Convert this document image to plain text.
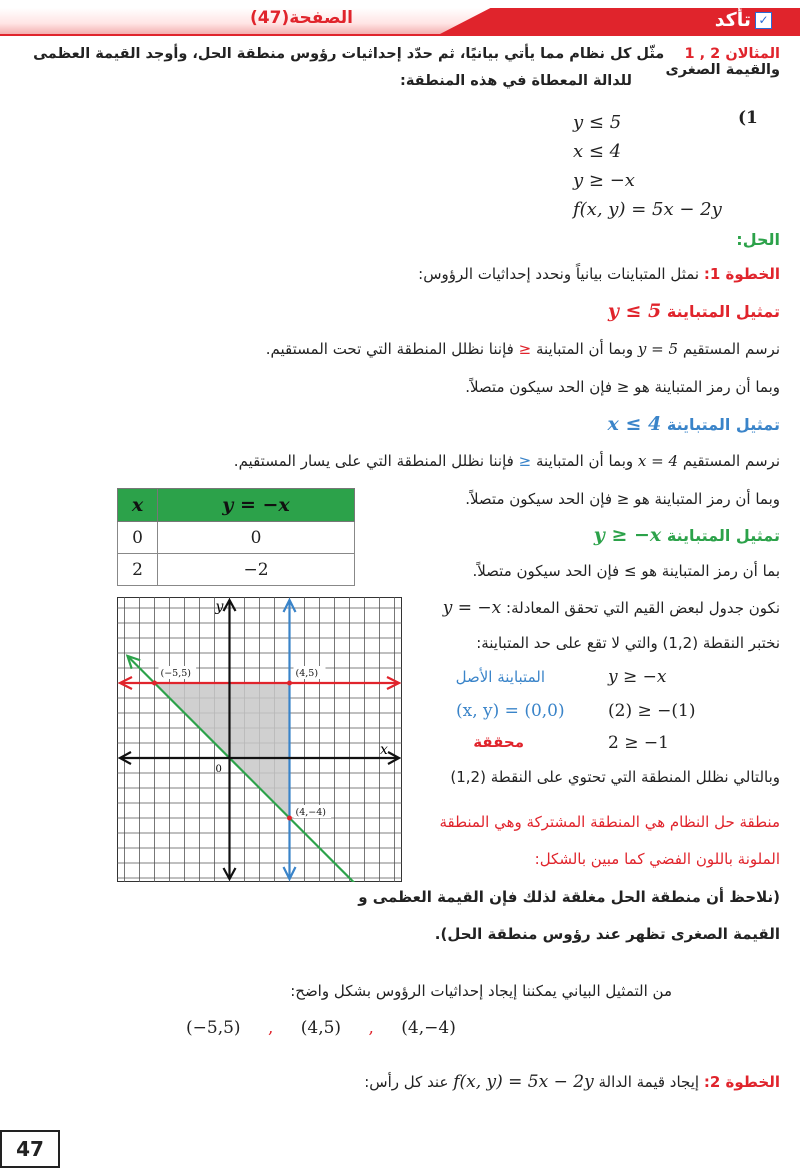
الصفحة(47)	✓تأكد
المثالان 2 , 1    مثّل كل نظام مما يأتي بيانيًا، ثم حدّد إحداثيات رؤوس منطقة الحل، وأوجد القيمة العظمى والقيمة الصغرى
للدالة المعطاة في هذه المنطقة:
(1
y ≤ 5
x ≤ 4
y ≥ −x
f(x, y) = 5x − 2y
الحل:
الخطوة 1: نمثل المتباينات بيانياً ونحدد إحداثيات الرؤوس:
تمثيل المتباينة y ≤ 5
نرسم المستقيم y = 5 وبما أن المتباينة ≤ فإننا نظلل المنطقة التي تحت المستقيم.
وبما أن رمز المتباينة هو ≤ فإن الحد سيكون متصلاً.
تمثيل المتباينة x ≤ 4
نرسم المستقيم x = 4 وبما أن المتباينة ≤ فإننا نظلل المنطقة التي على يسار المستقيم.
وبما أن رمز المتباينة هو ≤ فإن الحد سيكون متصلاً.
x	y = −x
0	0
2	−2
تمثيل المتباينة y ≥ −x
بما أن رمز المتباينة هو ≥ فإن الحد سيكون متصلاً.
نكون جدول لبعض القيم التي تحقق المعادلة: y = −x
نختبر النقطة (1,2) والتي لا تقع على حد المتباينة:
المتباينة الأصل	y ≥ −x
(x, y) = (0,0)	(2) ≥ −(1)
محققة	2 ≥ −1
وبالتالي نظلل المنطقة التي تحتوي على النقطة (1,2)
منطقة حل النظام هي المنطقة المشتركة وهي المنطقة
الملونة باللون الفضي كما مبين بالشكل:
(نلاحظ أن منطقة الحل مغلقة لذلك فإن القيمة العظمى و
القيمة الصغرى تظهر عند رؤوس منطقة الحل).
(−5,5)	(4,5)
(4,−4)
x
y
0
من التمثيل البياني يمكننا إيجاد إحداثيات الرؤوس بشكل واضح:
(−5,5) , (4,5) , (4,−4)
الخطوة 2: إيجاد قيمة الدالة f(x, y) = 5x − 2y عند كل رأس:
47
